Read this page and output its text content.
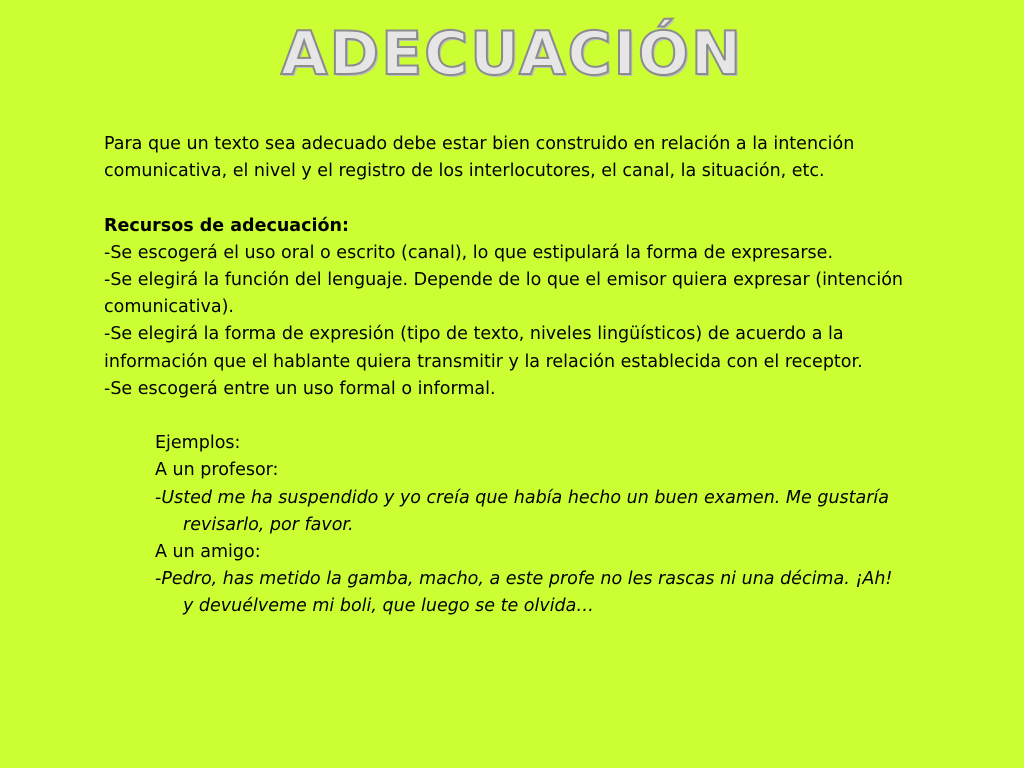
ADECUACIÓN

Para que un texto sea adecuado debe estar bien construido en relación a la intención comunicativa, el nivel y el registro de los interlocutores, el canal, la situación, etc.

Recursos de adecuación:

-Se escogerá el uso oral o escrito (canal), lo que estipulará la forma de expresarse.

-Se elegirá la función del lenguaje. Depende de lo que el emisor quiera expresar (intención comunicativa).

-Se elegirá la forma de expresión (tipo de texto, niveles lingüísticos) de acuerdo a la información que el hablante quiera transmitir y la relación establecida con el receptor.

-Se escogerá entre un uso formal o informal.

Ejemplos:

A un profesor:

-Usted me ha suspendido y yo creía que había hecho un buen examen. Me gustaría revisarlo, por favor.

A un amigo:

-Pedro, has metido la gamba, macho, a este profe no les rascas ni una décima. ¡Ah! y devuélveme mi boli, que luego se te olvida…
